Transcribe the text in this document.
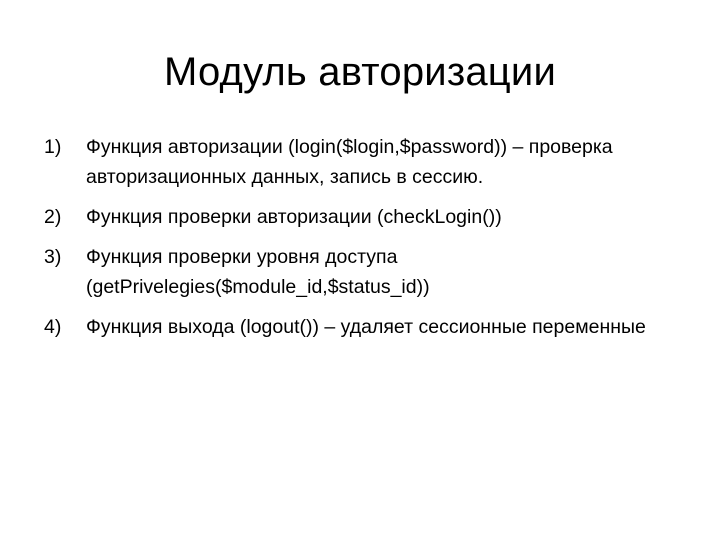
Модуль авторизации
1) Функция авторизации (login($login,$password)) – проверка авторизационных данных, запись в сессию.
2) Функция проверки авторизации (checkLogin())
3) Функция проверки уровня доступа (getPrivelegies($module_id,$status_id))
4) Функция выхода (logout()) – удаляет сессионные переменные
